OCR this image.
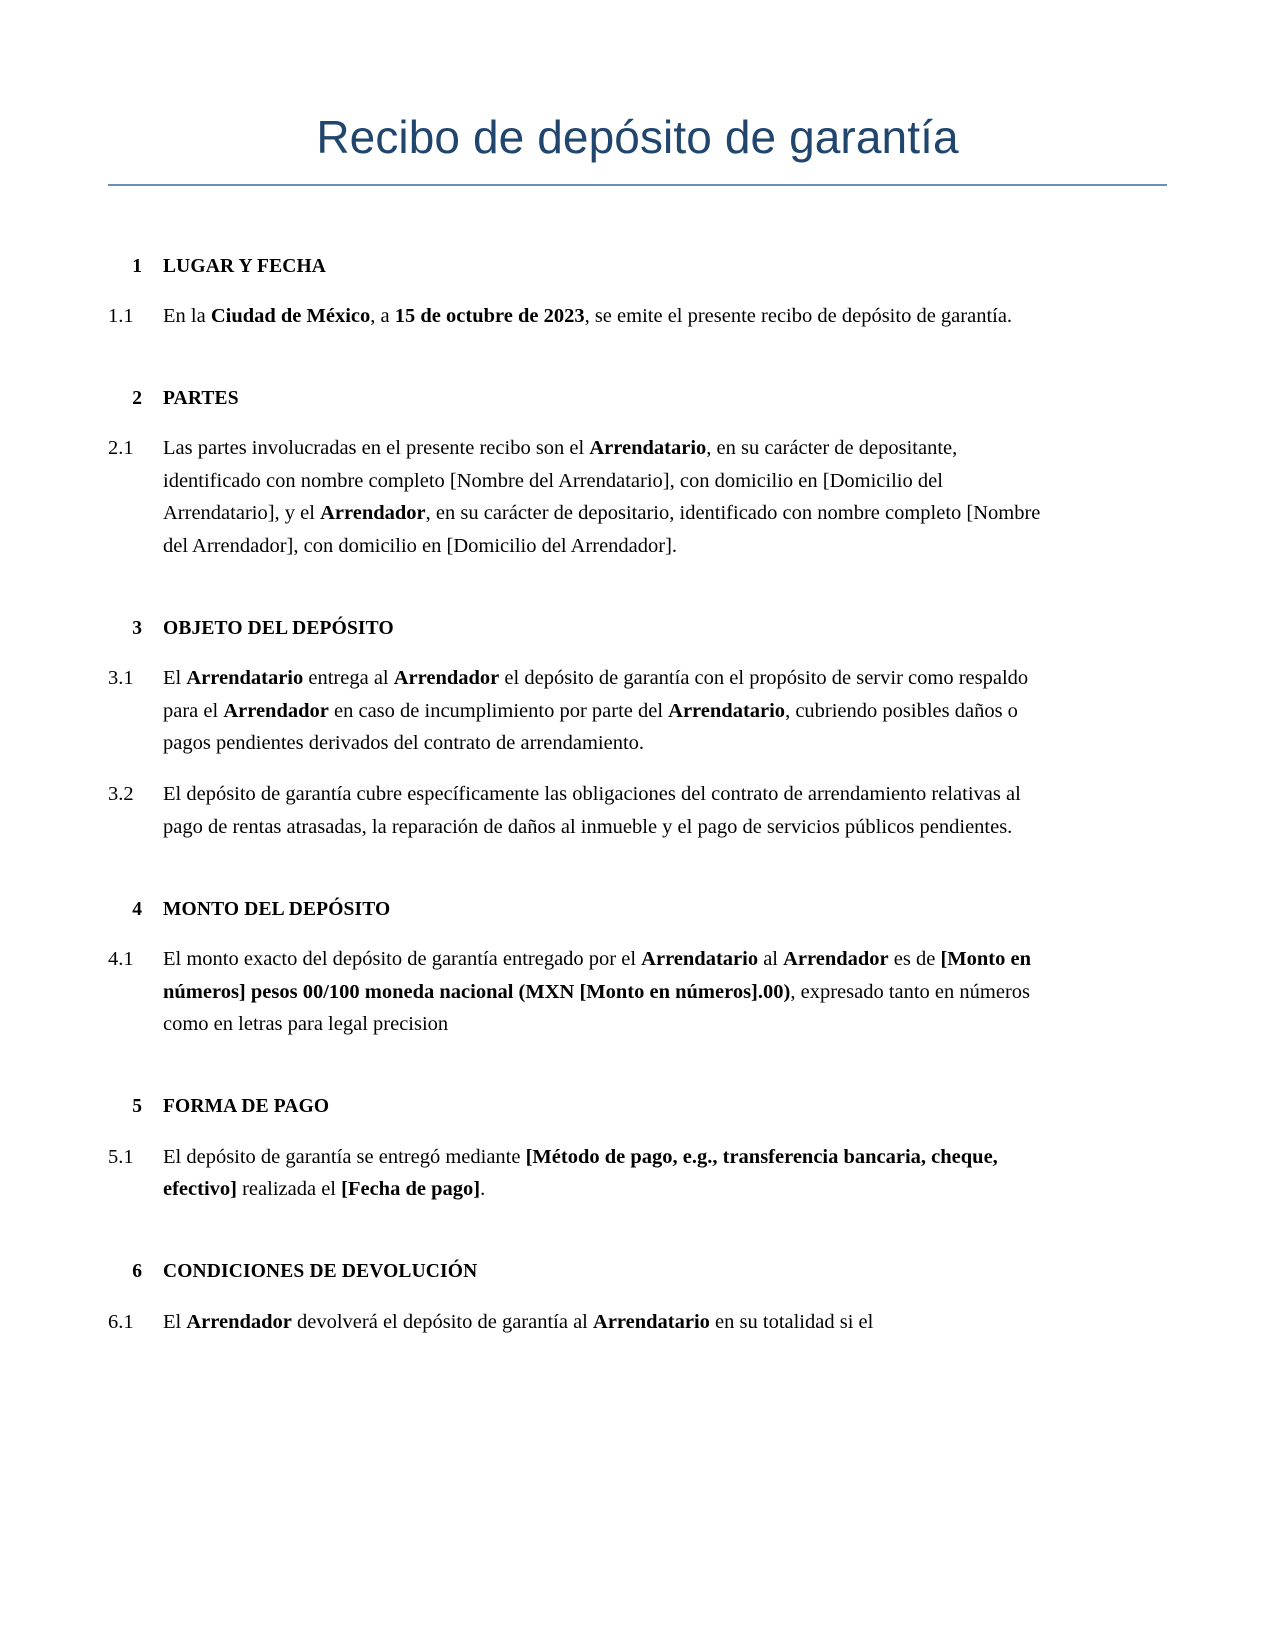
Recibo de depósito de garantía
1	LUGAR Y FECHA
1.1	En la Ciudad de México, a 15 de octubre de 2023, se emite el presente recibo de depósito de garantía.
2	PARTES
2.1	Las partes involucradas en el presente recibo son el Arrendatario, en su carácter de depositante, identificado con nombre completo [Nombre del Arrendatario], con domicilio en [Domicilio del Arrendatario], y el Arrendador, en su carácter de depositario, identificado con nombre completo [Nombre del Arrendador], con domicilio en [Domicilio del Arrendador].
3	OBJETO DEL DEPÓSITO
3.1	El Arrendatario entrega al Arrendador el depósito de garantía con el propósito de servir como respaldo para el Arrendador en caso de incumplimiento por parte del Arrendatario, cubriendo posibles daños o pagos pendientes derivados del contrato de arrendamiento.
3.2	El depósito de garantía cubre específicamente las obligaciones del contrato de arrendamiento relativas al pago de rentas atrasadas, la reparación de daños al inmueble y el pago de servicios públicos pendientes.
4	MONTO DEL DEPÓSITO
4.1	El monto exacto del depósito de garantía entregado por el Arrendatario al Arrendador es de [Monto en números] pesos 00/100 moneda nacional (MXN [Monto en números].00), expresado tanto en números como en letras para legal precision
5	FORMA DE PAGO
5.1	El depósito de garantía se entregó mediante [Método de pago, e.g., transferencia bancaria, cheque, efectivo] realizada el [Fecha de pago].
6	CONDICIONES DE DEVOLUCIÓN
6.1	El Arrendador devolverá el depósito de garantía al Arrendatario en su totalidad si el
